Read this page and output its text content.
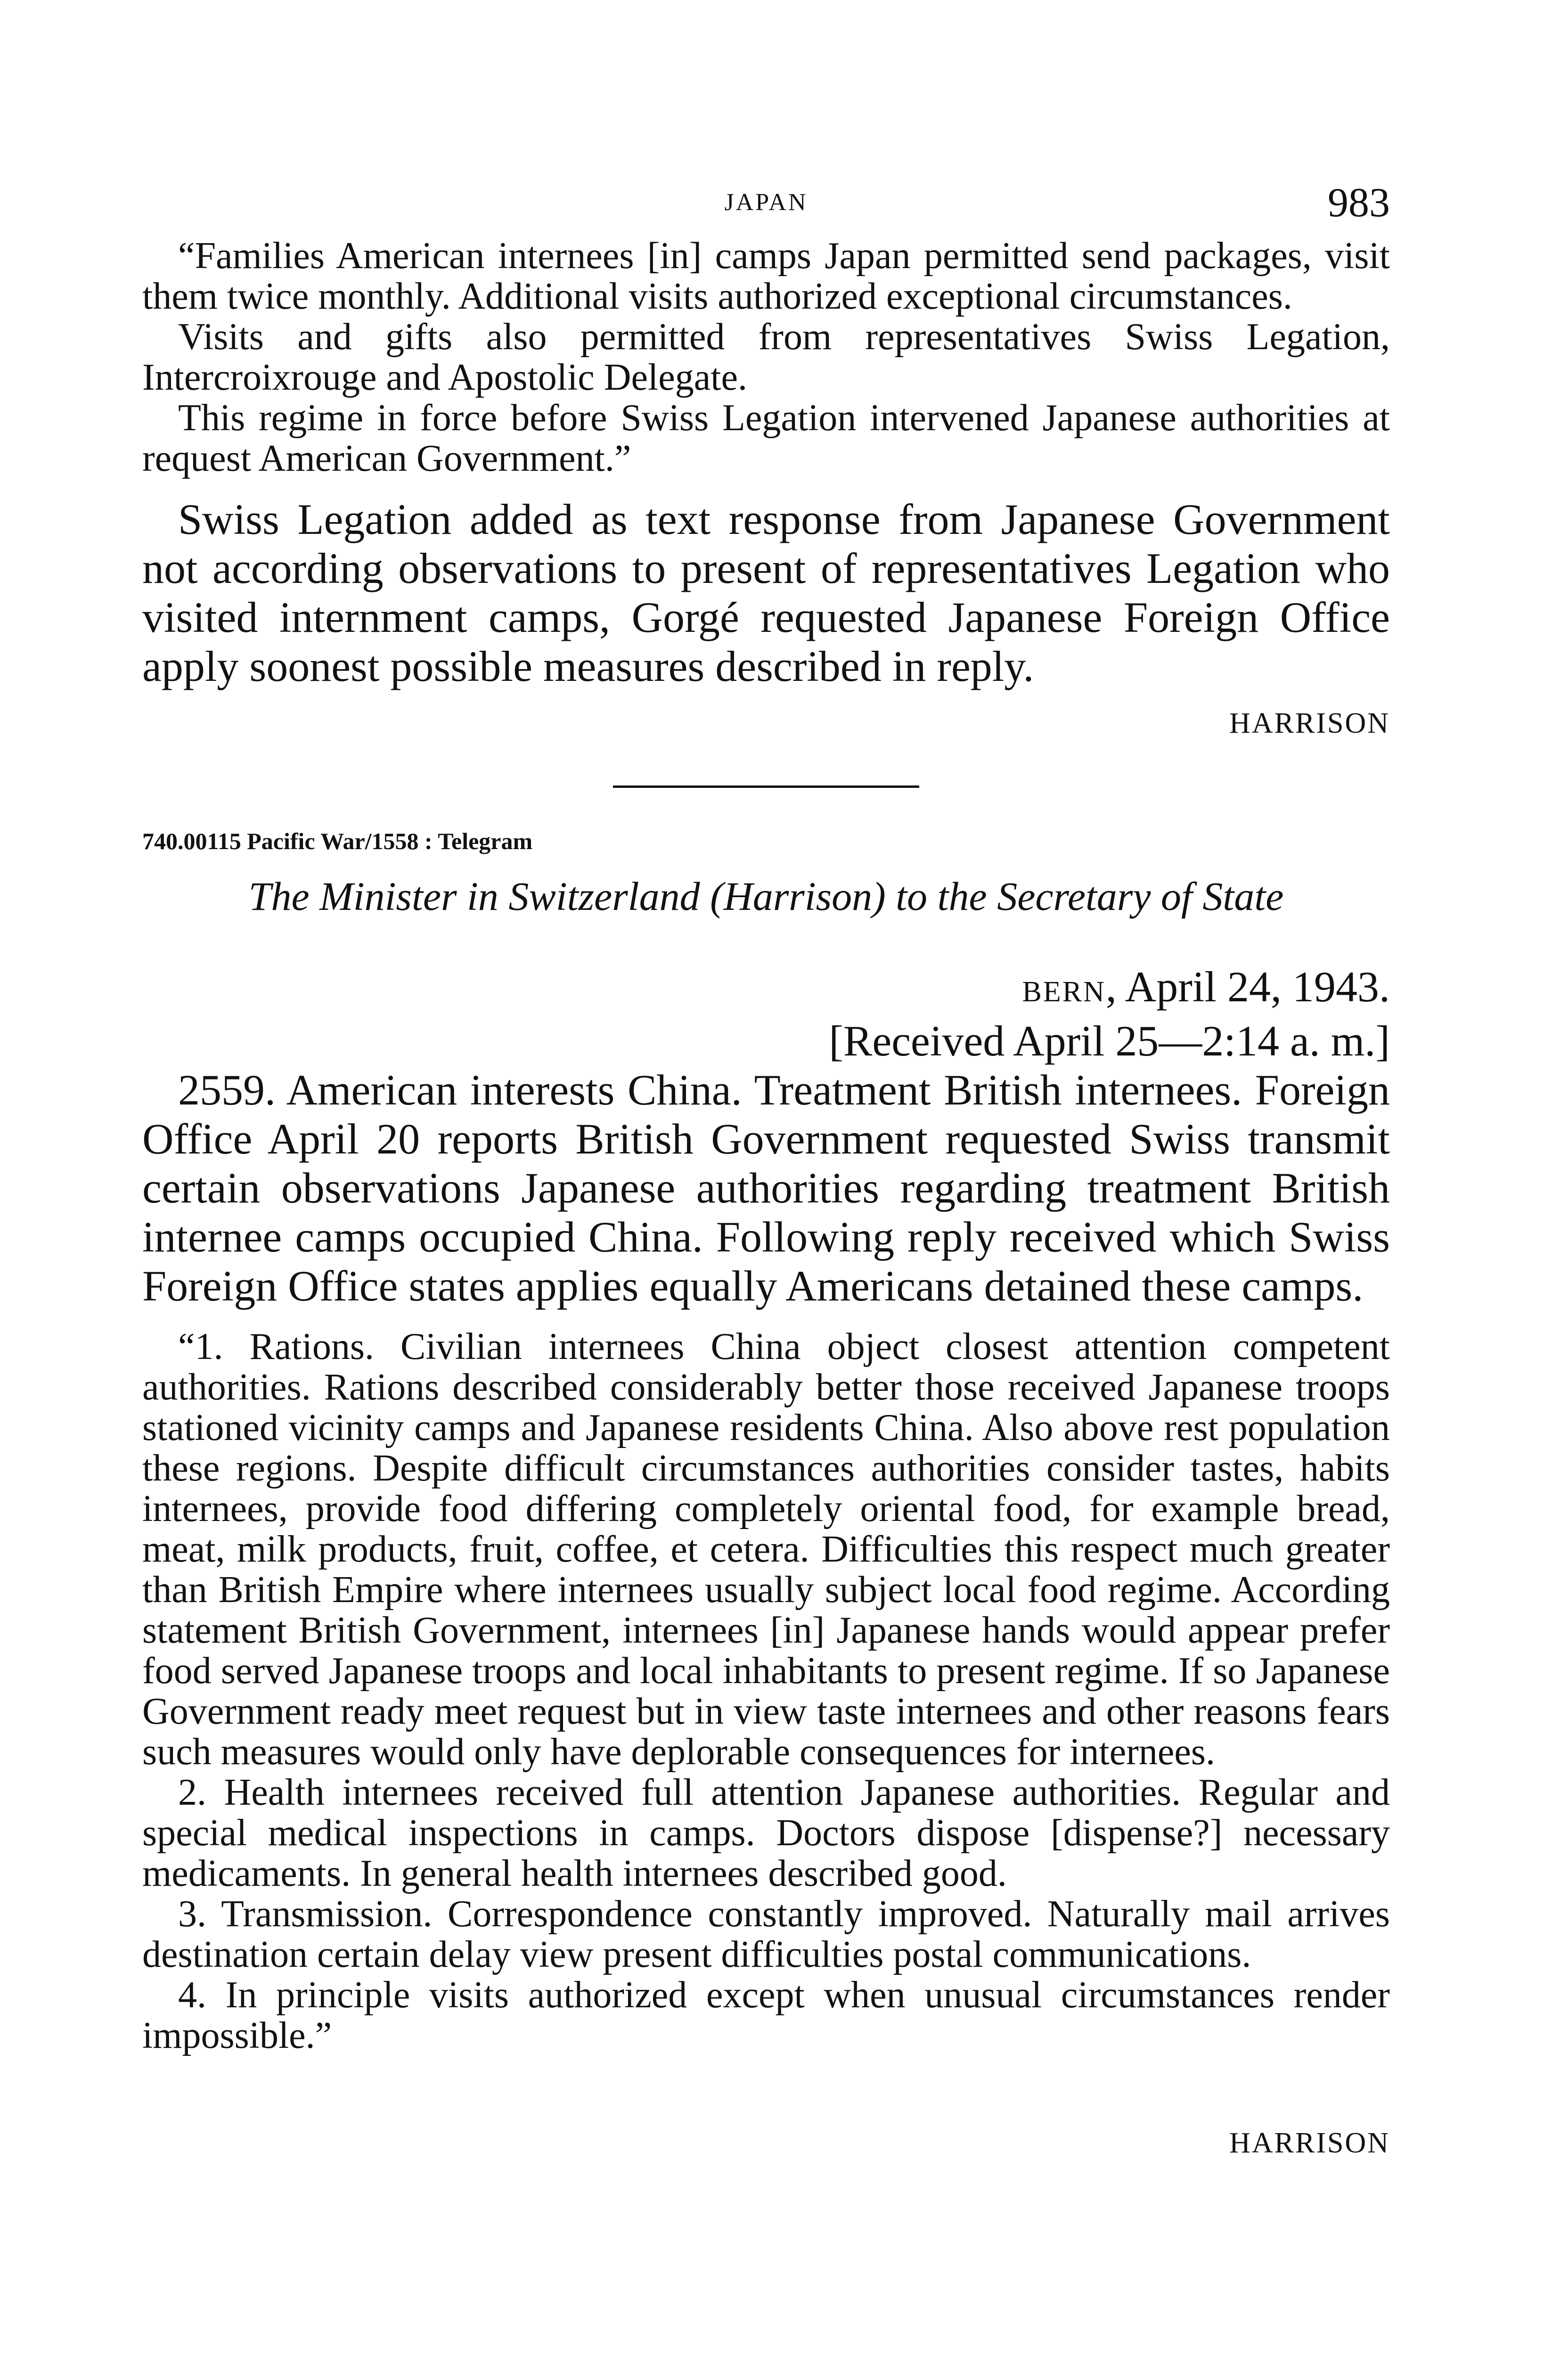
JAPAN	983

“Families American internees [in] camps Japan permitted send packages, visit them twice monthly. Additional visits authorized exceptional circumstances.

Visits and gifts also permitted from representatives Swiss Legation, Intercroixrouge and Apostolic Delegate.

This regime in force before Swiss Legation intervened Japanese authorities at request American Government.”

Swiss Legation added as text response from Japanese Government not according observations to present of representatives Legation who visited internment camps, Gorgé requested Japanese Foreign Office apply soonest possible measures described in reply.

HARRISON
740.00115 Pacific War/1558 : Telegram
The Minister in Switzerland (Harrison) to the Secretary of State
BERN, April 24, 1943.
[Received April 25—2:14 a. m.]

2559. American interests China. Treatment British internees. Foreign Office April 20 reports British Government requested Swiss transmit certain observations Japanese authorities regarding treatment British internee camps occupied China. Following reply received which Swiss Foreign Office states applies equally Americans detained these camps.

“1. Rations. Civilian internees China object closest attention competent authorities. Rations described considerably better those received Japanese troops stationed vicinity camps and Japanese residents China. Also above rest population these regions. Despite difficult circumstances authorities consider tastes, habits internees, provide food differing completely oriental food, for example bread, meat, milk products, fruit, coffee, et cetera. Difficulties this respect much greater than British Empire where internees usually subject local food regime. According statement British Government, internees [in] Japanese hands would appear prefer food served Japanese troops and local inhabitants to present regime. If so Japanese Government ready meet request but in view taste internees and other reasons fears such measures would only have deplorable consequences for internees.

2. Health internees received full attention Japanese authorities. Regular and special medical inspections in camps. Doctors dispose [dispense?] necessary medicaments. In general health internees described good.

3. Transmission. Correspondence constantly improved. Naturally mail arrives destination certain delay view present difficulties postal communications.

4. In principle visits authorized except when unusual circumstances render impossible.”

HARRISON
